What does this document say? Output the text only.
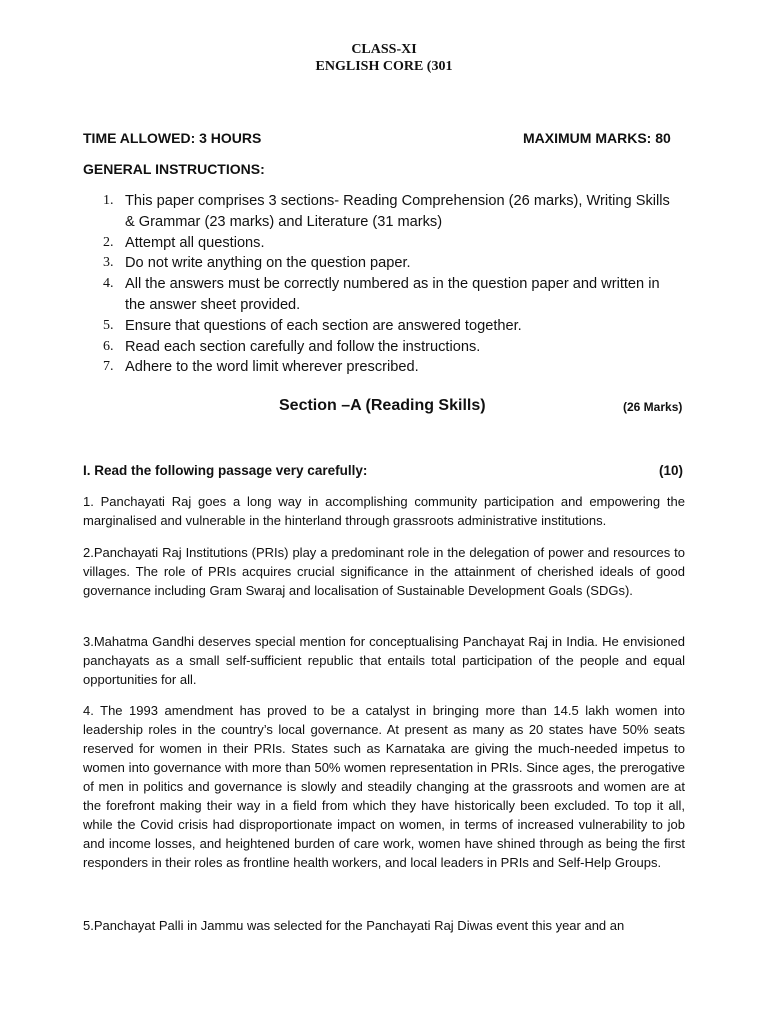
CLASS-XI
ENGLISH CORE (301
TIME ALLOWED: 3 HOURS	MAXIMUM MARKS: 80
GENERAL INSTRUCTIONS:
1. This paper comprises 3 sections- Reading Comprehension (26 marks), Writing Skills & Grammar (23 marks) and Literature (31 marks)
2. Attempt all questions.
3. Do not write anything on the question paper.
4. All the answers must be correctly numbered as in the question paper and written in the answer sheet provided.
5. Ensure that questions of each section are answered together.
6. Read each section carefully and follow the instructions.
7. Adhere to the word limit wherever prescribed.
Section –A (Reading Skills)	(26 Marks)
I. Read the following passage very carefully:	(10)

1. Panchayati Raj goes a long way in accomplishing community participation and empowering the marginalised and vulnerable in the hinterland through grassroots administrative institutions.

2.Panchayati Raj Institutions (PRIs) play a predominant role in the delegation of power and resources to villages. The role of PRIs acquires crucial significance in the attainment of cherished ideals of good governance including Gram Swaraj and localisation of Sustainable Development Goals (SDGs).

3.Mahatma Gandhi deserves special mention for conceptualising Panchayat Raj in India. He envisioned panchayats as a small self-sufficient republic that entails total participation of the people and equal opportunities for all.

4. The 1993 amendment has proved to be a catalyst in bringing more than 14.5 lakh women into leadership roles in the country’s local governance. At present as many as 20 states have 50% seats reserved for women in their PRIs. States such as Karnataka are giving the much-needed impetus to women into governance with more than 50% women representation in PRIs. Since ages, the prerogative of men in politics and governance is slowly and steadily changing at the grassroots and women are at the forefront making their way in a field from which they have historically been excluded. To top it all, while the Covid crisis had disproportionate impact on women, in terms of increased vulnerability to job and income losses, and heightened burden of care work, women have shined through as being the first responders in their roles as frontline health workers, and local leaders in PRIs and Self-Help Groups.

5.Panchayat Palli in Jammu was selected for the Panchayati Raj Diwas event this year and an
